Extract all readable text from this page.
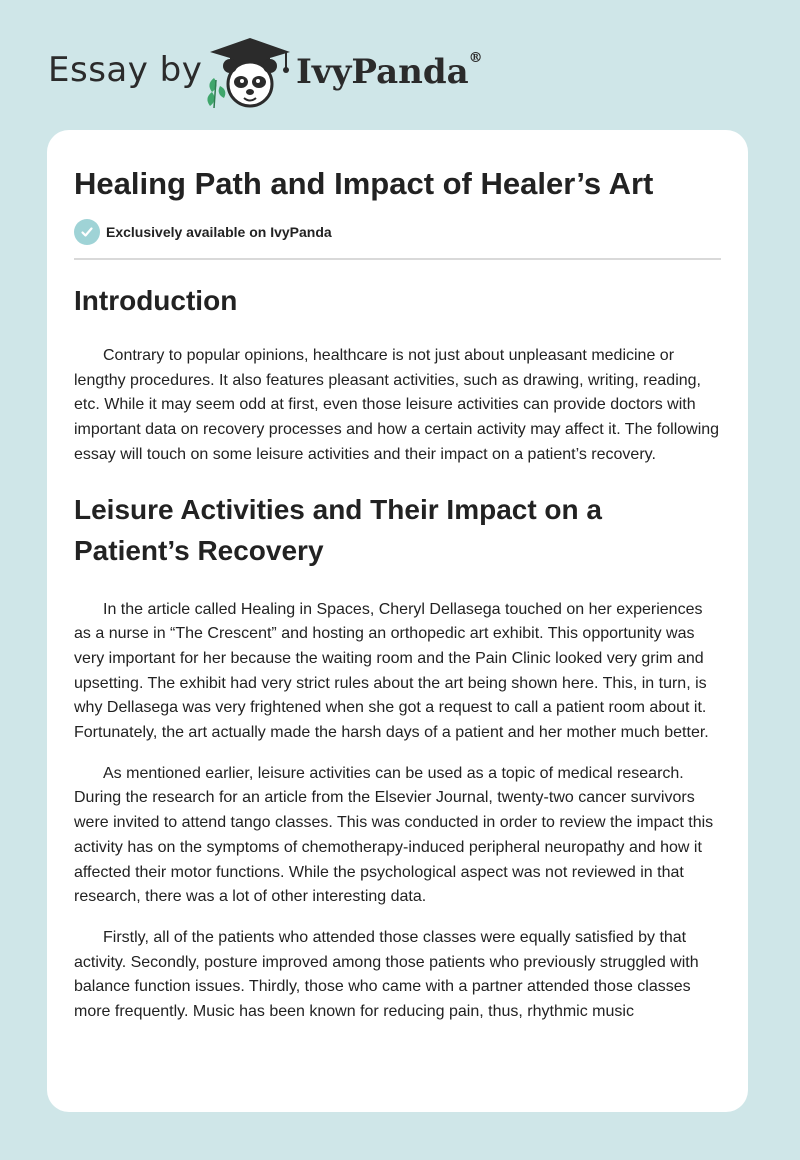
Essay by	IvyPanda®
Healing Path and Impact of Healer’s Art
Exclusively available on IvyPanda
Introduction

Contrary to popular opinions, healthcare is not just about unpleasant medicine or lengthy procedures. It also features pleasant activities, such as drawing, writing, reading, etc. While it may seem odd at first, even those leisure activities can provide doctors with important data on recovery processes and how a certain activity may affect it. The following essay will touch on some leisure activities and their impact on a patient’s recovery.

Leisure Activities and Their Impact on a Patient’s Recovery

In the article called Healing in Spaces, Cheryl Dellasega touched on her experiences as a nurse in “The Crescent” and hosting an orthopedic art exhibit. This opportunity was very important for her because the waiting room and the Pain Clinic looked very grim and upsetting. The exhibit had very strict rules about the art being shown here. This, in turn, is why Dellasega was very frightened when she got a request to call a patient room about it. Fortunately, the art actually made the harsh days of a patient and her mother much better.

As mentioned earlier, leisure activities can be used as a topic of medical research. During the research for an article from the Elsevier Journal, twenty-two cancer survivors were invited to attend tango classes. This was conducted in order to review the impact this activity has on the symptoms of chemotherapy-induced peripheral neuropathy and how it affected their motor functions. While the psychological aspect was not reviewed in that research, there was a lot of other interesting data.

Firstly, all of the patients who attended those classes were equally satisfied by that activity. Secondly, posture improved among those patients who previously struggled with balance function issues. Thirdly, those who came with a partner attended those classes more frequently. Music has been known for reducing pain, thus, rhythmic music
